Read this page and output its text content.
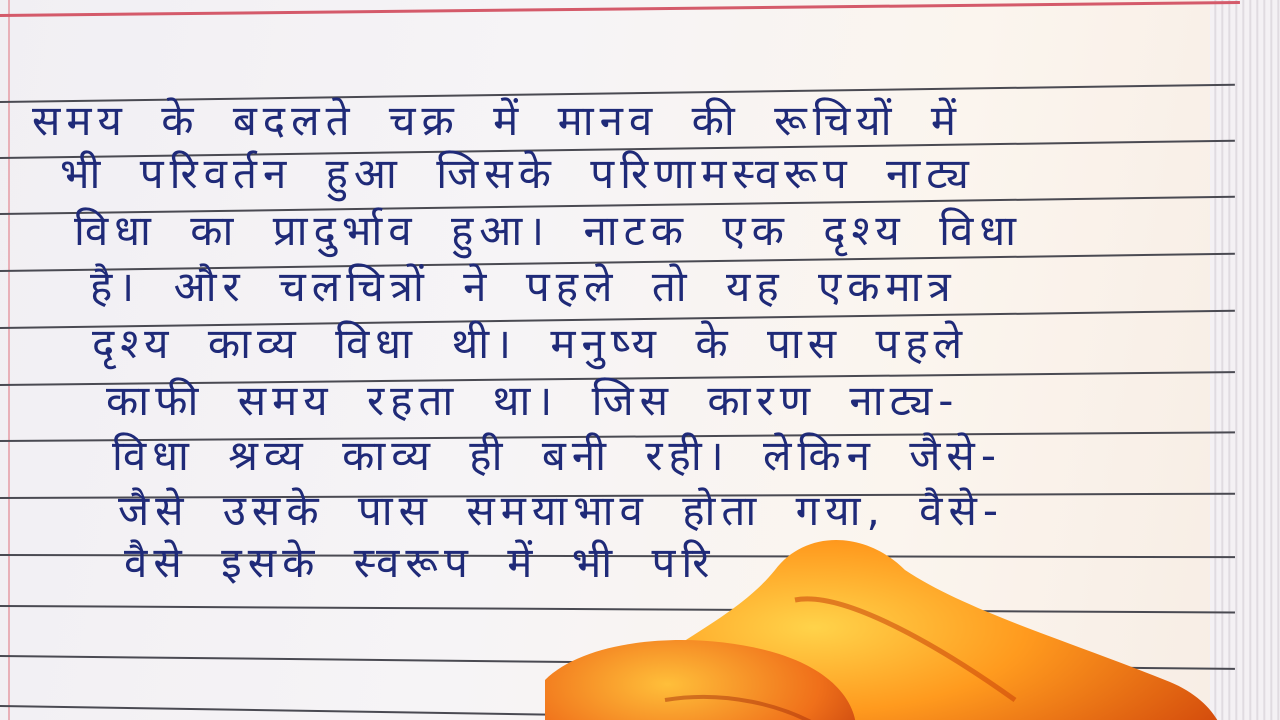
समय के बदलते चक्र में मानव की रूचियों में
भी परिवर्तन हुआ जिसके परिणामस्वरूप नाट्य
विधा का प्रादुर्भाव हुआ। नाटक एक दृश्य विधा
है। और चलचित्रों ने पहले तो यह एकमात्र
दृश्य काव्य विधा थी। मनुष्य के पास पहले
काफी समय रहता था। जिस कारण नाट्य-
विधा श्रव्य काव्य ही बनी रही। लेकिन जैसे-
जैसे उसके पास समयाभाव होता गया, वैसे-
वैसे इसके स्वरूप में भी परि
